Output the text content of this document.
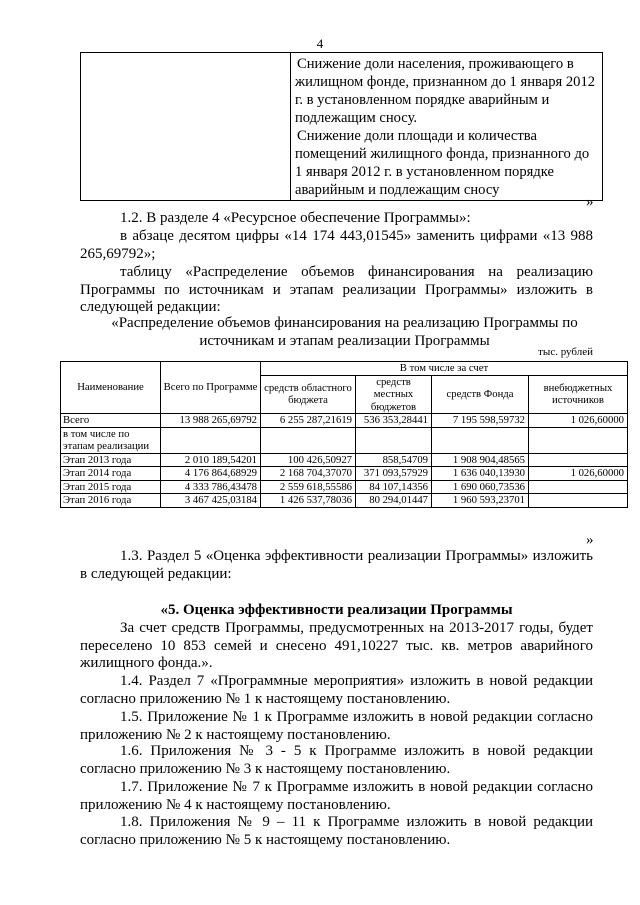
4

Снижение доли населения, проживающего в жилищном фонде, признанном до 1 января 2012 г. в установленном порядке аварийным и подлежащим сносу.

Снижение доли площади и количества помещений жилищного фонда, признанного до 1 января 2012 г. в установленном порядке аварийным и подлежащим сносу

»

1.2. В разделе 4 «Ресурсное обеспечение Программы»:

в абзаце десятом цифры «14 174 443,01545» заменить цифрами «13 988 265,69792»;

таблицу «Распределение объемов финансирования на реализацию Программы по источникам и этапам реализации Программы» изложить в следующей редакции:

«Распределение объемов финансирования на реализацию Программы по источникам и этапам реализации Программы

тыс. рублей
Наименование	Всего по Программе	В том числе за счет			
		средств областного бюджета	средств местных бюджетов	средств Фонда	внебюджетных источников
Всего	13 988 265,69792	6 255 287,21619	536 353,28441	7 195 598,59732	1 026,60000
в том числе по этапам реализации					
Этап 2013 года	2 010 189,54201	100 426,50927	858,54709	1 908 904,48565	
Этап 2014 года	4 176 864,68929	2 168 704,37070	371 093,57929	1 636 040,13930	1 026,60000
Этап 2015 года	4 333 786,43478	2 559 618,55586	84 107,14356	1 690 060,73536	
Этап 2016 года	3 467 425,03184	1 426 537,78036	80 294,01447	1 960 593,23701	
»

1.3. Раздел 5 «Оценка эффективности реализации Программы» изложить в следующей редакции:

«5. Оценка эффективности реализации Программы

За счет средств Программы, предусмотренных на 2013-2017 годы, будет переселено 10 853 семей и снесено 491,10227 тыс. кв. метров аварийного жилищного фонда.».

1.4. Раздел 7 «Программные мероприятия» изложить в новой редакции согласно приложению № 1 к настоящему постановлению.

1.5. Приложение № 1 к Программе изложить в новой редакции согласно приложению № 2 к настоящему постановлению.

1.6. Приложения № 3 - 5 к Программе изложить в новой редакции согласно приложению № 3 к настоящему постановлению.

1.7. Приложение № 7 к Программе изложить в новой редакции согласно приложению № 4 к настоящему постановлению.

1.8. Приложения № 9 – 11 к Программе изложить в новой редакции согласно приложению № 5 к настоящему постановлению.
